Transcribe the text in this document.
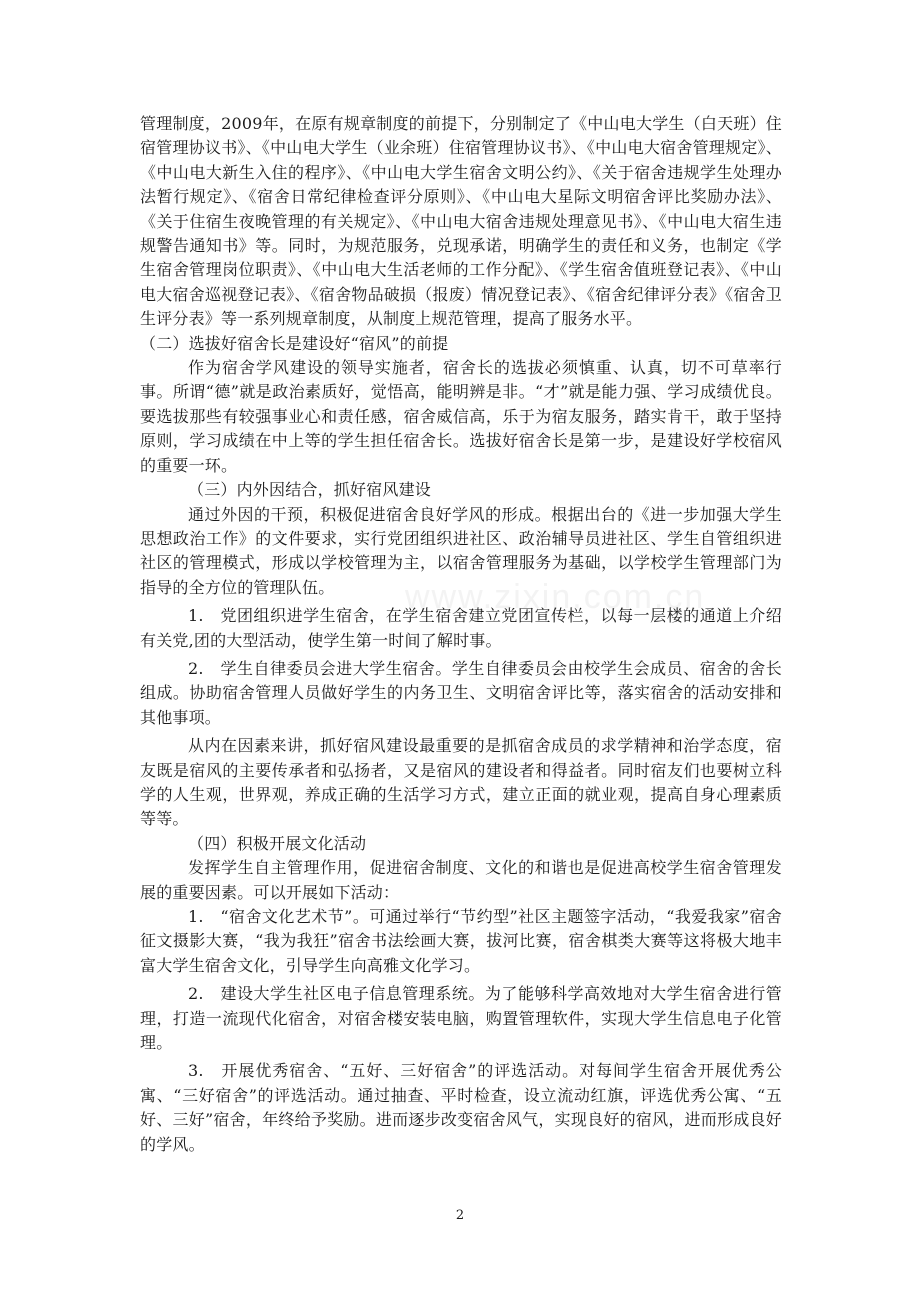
www.zixin.com.cn

管理制度，2009年，在原有规章制度的前提下，分别制定了《中山电大学生（白天班）住宿管理协议书》、《中山电大学生（业余班）住宿管理协议书》、《中山电大宿舍管理规定》、《中山电大新生入住的程序》、《中山电大学生宿舍文明公约》、《关于宿舍违规学生处理办法暂行规定》、《宿舍日常纪律检查评分原则》、《中山电大星际文明宿舍评比奖励办法》、《关于住宿生夜晚管理的有关规定》、《中山电大宿舍违规处理意见书》、《中山电大宿生违规警告通知书》等。同时，为规范服务，兑现承诺，明确学生的责任和义务，也制定《学生宿舍管理岗位职责》、《中山电大生活老师的工作分配》、《学生宿舍值班登记表》、《中山电大宿舍巡视登记表》、《宿舍物品破损（报废）情况登记表》、《宿舍纪律评分表》《宿舍卫生评分表》等一系列规章制度，从制度上规范管理，提高了服务水平。

（二）选拔好宿舍长是建设好“宿风”的前提

作为宿舍学风建设的领导实施者，宿舍长的选拔必须慎重、认真，切不可草率行事。所谓“德”就是政治素质好，觉悟高，能明辨是非。“才”就是能力强、学习成绩优良。要选拔那些有较强事业心和责任感，宿舍威信高，乐于为宿友服务，踏实肯干，敢于坚持原则，学习成绩在中上等的学生担任宿舍长。选拔好宿舍长是第一步，是建设好学校宿风的重要一环。

（三）内外因结合，抓好宿风建设

通过外因的干预，积极促进宿舍良好学风的形成。根据出台的《进一步加强大学生思想政治工作》的文件要求，实行党团组织进社区、政治辅导员进社区、学生自管组织进社区的管理模式，形成以学校管理为主，以宿舍管理服务为基础，以学校学生管理部门为指导的全方位的管理队伍。

1.　党团组织进学生宿舍，在学生宿舍建立党团宣传栏，以每一层楼的通道上介绍有关党,团的大型活动，使学生第一时间了解时事。

2.　学生自律委员会进大学生宿舍。学生自律委员会由校学生会成员、宿舍的舍长组成。协助宿舍管理人员做好学生的内务卫生、文明宿舍评比等，落实宿舍的活动安排和其他事项。

从内在因素来讲，抓好宿风建设最重要的是抓宿舍成员的求学精神和治学态度，宿友既是宿风的主要传承者和弘扬者，又是宿风的建设者和得益者。同时宿友们也要树立科学的人生观，世界观，养成正确的生活学习方式，建立正面的就业观，提高自身心理素质等等。

（四）积极开展文化活动

发挥学生自主管理作用，促进宿舍制度、文化的和谐也是促进高校学生宿舍管理发展的重要因素。可以开展如下活动：

1.　“宿舍文化艺术节”。可通过举行“节约型”社区主题签字活动，“我爱我家”宿舍征文摄影大赛，“我为我狂”宿舍书法绘画大赛，拔河比赛，宿舍棋类大赛等这将极大地丰富大学生宿舍文化，引导学生向高雅文化学习。

2.　建设大学生社区电子信息管理系统。为了能够科学高效地对大学生宿舍进行管理，打造一流现代化宿舍，对宿舍楼安装电脑，购置管理软件，实现大学生信息电子化管理。

3.　开展优秀宿舍、“五好、三好宿舍”的评选活动。对每间学生宿舍开展优秀公寓、“三好宿舍”的评选活动。通过抽查、平时检查，设立流动红旗，评选优秀公寓、“五好、三好”宿舍，年终给予奖励。进而逐步改变宿舍风气，实现良好的宿风，进而形成良好的学风。

2
